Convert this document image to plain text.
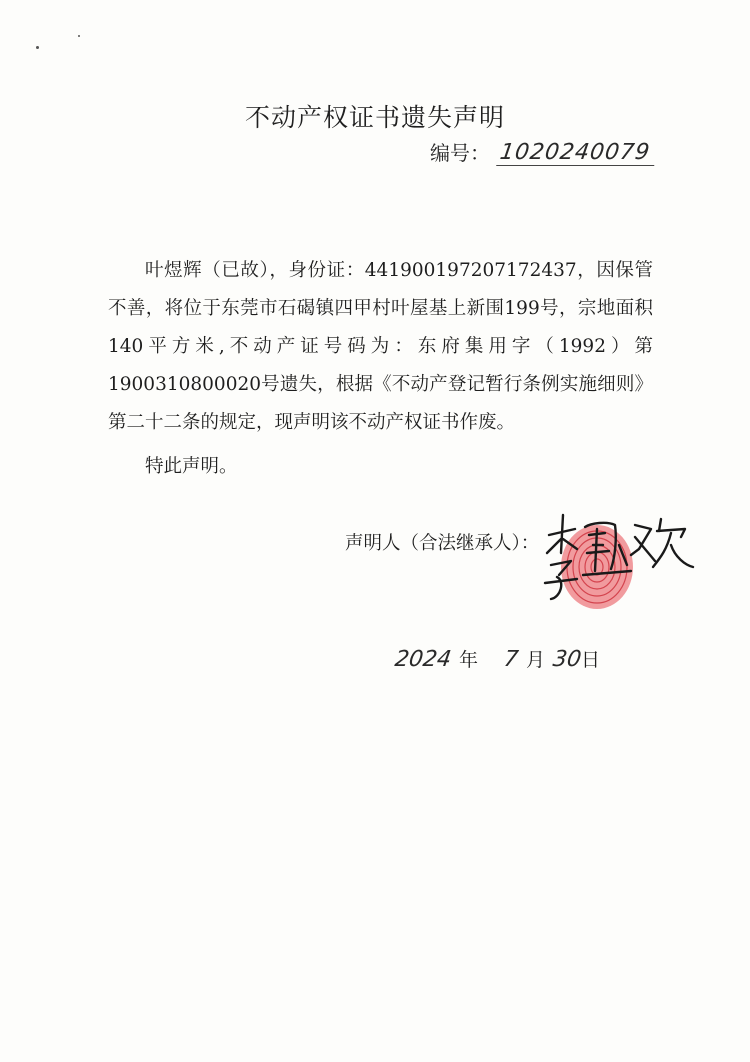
不动产权证书遗失声明
编号： 1020240079
叶煜辉（已故），身份证：441900197207172437，因保管不善，将位于东莞市石碣镇四甲村叶屋基上新围199号，宗地面积140平方米,不动产证号码为：东府集用字（1992）第1900310800020号遗失，根据《不动产登记暂行条例实施细则》第二十二条的规定，现声明该不动产权证书作废。
特此声明。
声明人（合法继承人）：
2024 年 7 月 30
日
